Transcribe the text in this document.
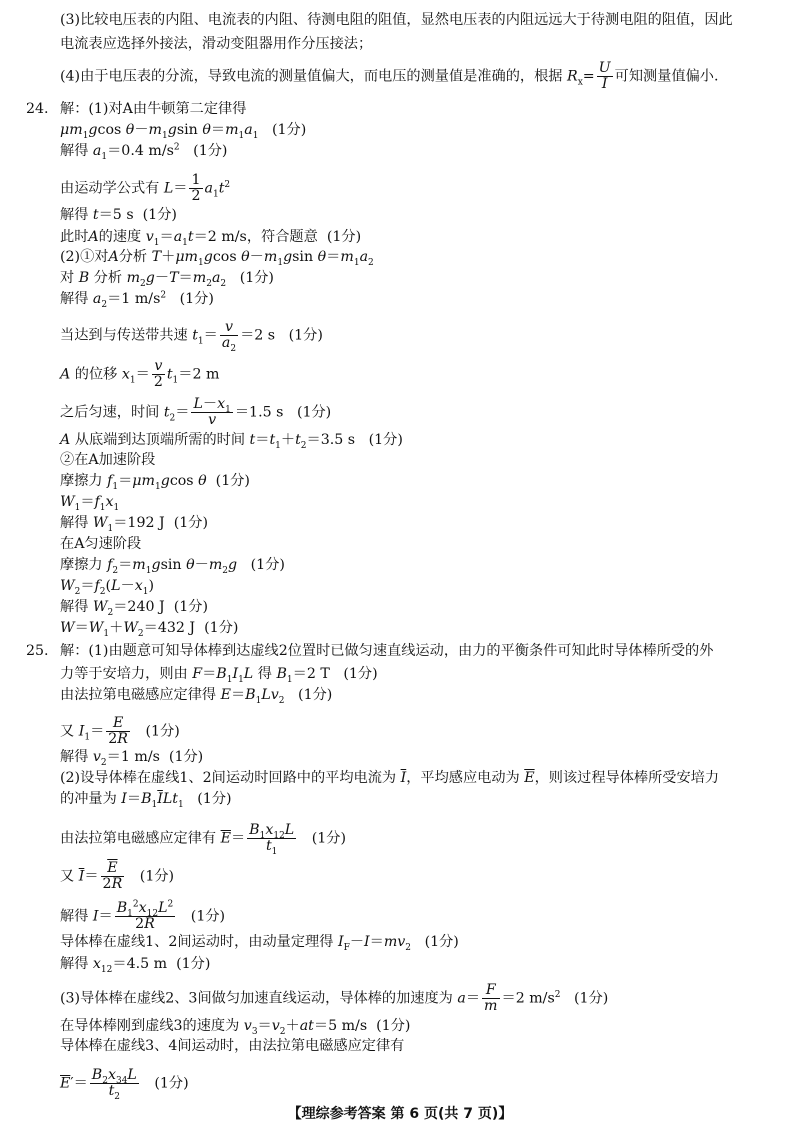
(3)比较电压表的内阻、电流表的内阻、待测电阻的阻值，显然电压表的内阻远远大于待测电阻的阻值，因此
电流表应选择外接法，滑动变阻器用作分压接法；
(4)由于电压表的分流，导致电流的测量值偏大，而电压的测量值是准确的，根据 $R_x= \frac{U}{I}$ 可知测量值偏小.
24. 解：(1)对A由牛顿第二定律得
$\mu m_1gcos$ $\theta-m_1gsin$ $\theta=m_1a_1$ (1分)
解得 $a_1=0.4$ $m/s^2$ (1分)
由运动学公式有 $L= \frac{1}{2} a_1t^2$
解得 t＝5 s  (1分)
此时A的速度 $v_1=a_1t=2$ m/s，符合题意 (1分)
(2)①对A分析 $T+\mu m_1gcos$ $\theta-m_1gsin$ $\theta=m_1a_2$
对 B 分析 $m_2g-T=m_2a_2$ (1分)
解得 $a_2=1$ $m/s^2$ (1分)
当达到与传送带共速 $t_1= \frac{v}{a_2} =2$ s   (1分)
A 的位移 $x_1= \frac{v}{2} t_1=2$ m
之后匀速，时间 $t_2= \frac{L-x_1}{v} =1.5$ s   (1分)
A 从底端到达顶端所需的时间 $t=t_1+t_2=3.5$ s   (1分)
②在A加速阶段
摩擦力 $f_1=\mu m_1gcos$ θ (1分)
$W_1=f_1x_1$
解得 $W_1=192$ J  (1分)
在A匀速阶段
摩擦力 $f_2=m_1gsin$ $\theta-m_2g$ (1分)
$W_2=f_2(L-x_1)$
解得 $W_2=240$ J  (1分)
$W=W_1+W_2=432$ J  (1分)
25. 解：(1)由题意可知导体棒到达虚线2位置时已做匀速直线运动，由力的平衡条件可知此时导体棒所受的外
力等于安培力，则由 $F=B_1I_1L$ 得 $B_1=2$ T   (1分)
由法拉第电磁感应定律得 $E=B_1Lv_2$ (1分)
又 $I_1= \frac{E}{2R} (1$分)
解得 $v_2=1$ m/s  (1分)
(2)设导体棒在虚线1、2间运动时回路中的平均电流为 $\overline{I}$，平均感应电动为 $\overline{E}$，则该过程导体棒所受安培力
的冲量为 $I=B_1\overline{I}Lt_1$ (1分)
由法拉第电磁感应定律有 $\overline{E}= \frac{B_1x_{12}L}{t_1} (1$分)
又 $\overline{I}= \frac{\overline{E}}{2R} (1$分)
解得 $I= \frac{B_1^2x_{12}L^2}{2R} (1$分)
导体棒在虚线1、2间运动时，由动量定理得 $I_F-I=mv_2$ (1分)
解得 $x_{12}=4.5$ m  (1分)
(3)导体棒在虚线2、3间做匀加速直线运动，导体棒的加速度为 $a= \frac{F}{m} =2$ $m/s^2$ (1分)
在导体棒刚到虚线3的速度为 $v_3=v_2+at=5$ m/s  (1分)
导体棒在虚线3、4间运动时，由法拉第电磁感应定律有
$\overline{E}'= \frac{B_2x_{34}L}{t_2} (1$分)
【理综参考答案 第 6 页(共 7 页)】
